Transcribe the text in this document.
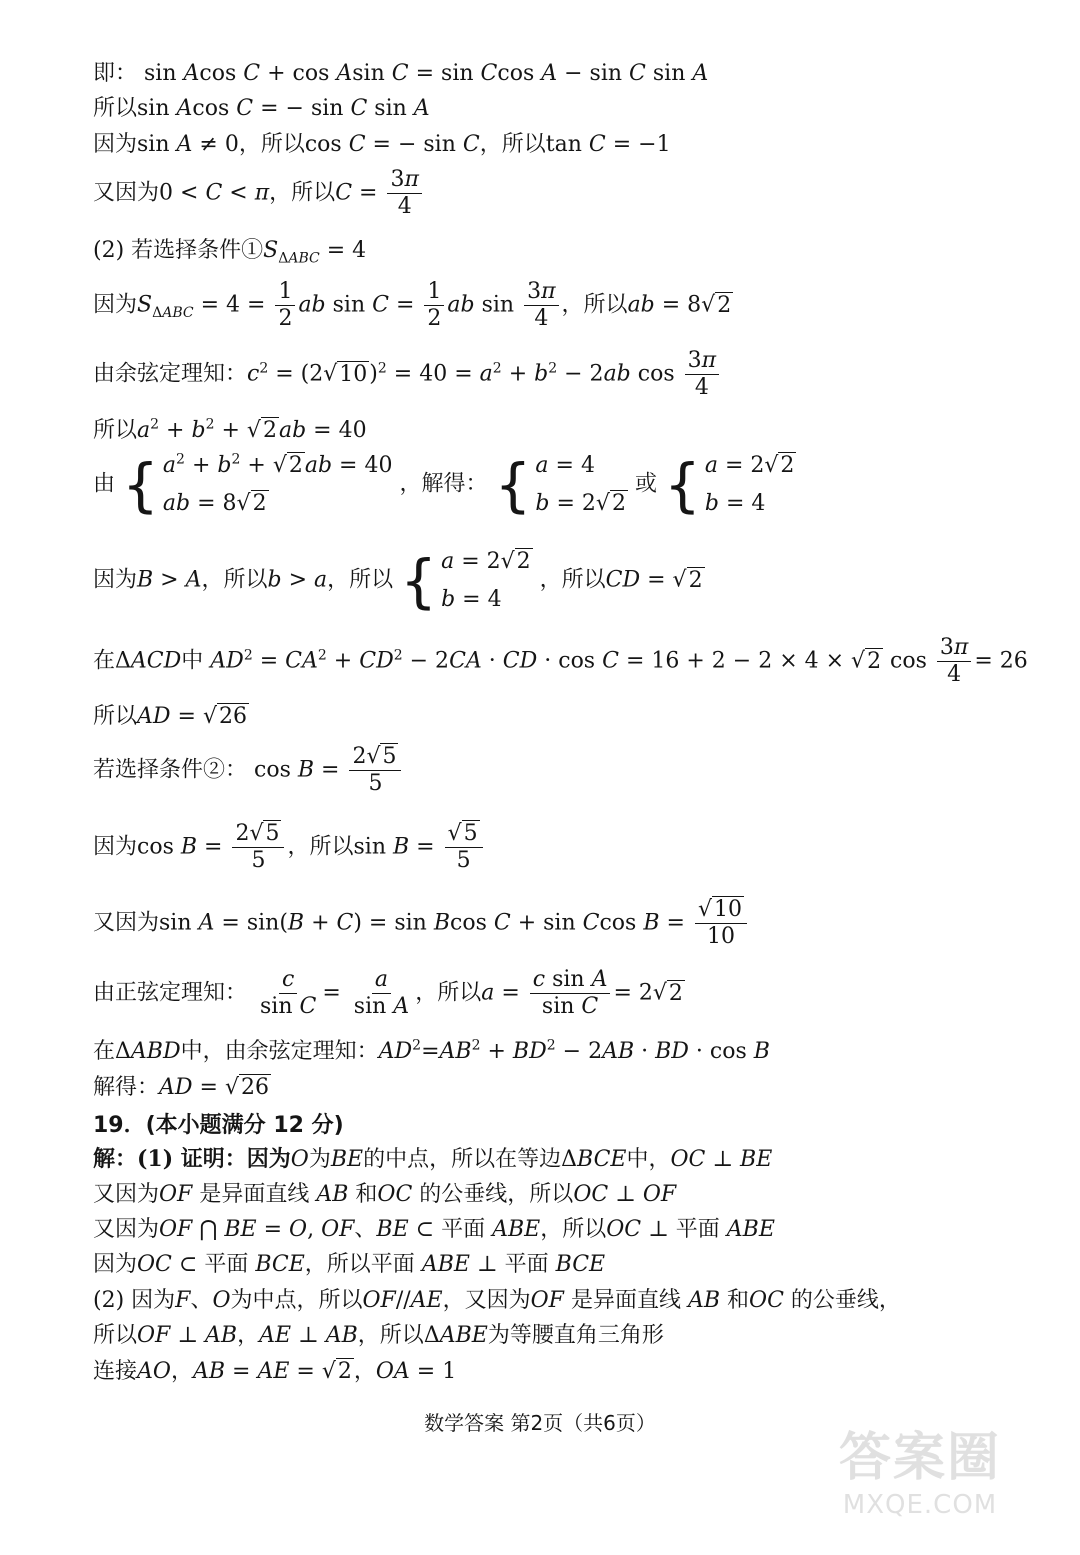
即： sin Acos C + cos Asin C = sin Ccos A − sin C sin A
所以sin Acos C = − sin C sin A
因为sin A ≠ 0，所以cos C = − sin C，所以tan C = −1
又因为0 < C < π，所以$C = \frac{3\pi}{4}$
(2) 若选择条件$①S_{\Delta ABC} = 4$
因为$S_{\Delta ABC} = 4 = \frac{1}{2}$ ab $\sin C = \frac{1}{2}$ ab $\sin \frac{3\pi}{4}$ ，所以ab = 8√2
由余弦定理知：$c^2 = (2√10)^2 = 40 = a^2 + b^2 - 2ab$ $\cos \frac{3\pi}{4}$
所以$a^2 + b^2 + √2ab = 40$
由 { $a^2 + b^2 + √2ab = 40$
ab = 8√2
，解得： { a = 4
b = 2√2
或 { a = 2√2
b = 4
因为B > A，所以b > a，所以 { a = 2√2
b = 4
，所以CD = √2
在ΔACD中 $AD^2 = CA^2 + CD^2 - 2CA$ · CD · cos C = 16 + 2 − 2 × 4 × √2 $\cos \frac{3\pi}{4} = 26$
所以AD = √26
若选择条件②： $\cos B = \frac{2√5}{5}$
因为$\cos B = \frac{2√5}{5}$ ，所以$\sin B = \frac{√5}{5}$
又因为sin A = sin(B + C) = sin Bcos C + sin Ccos $B = \frac{√10}{10}$
由正弦定理知： $\frac{c}{\text{sin C}} = \frac{a}{\text{sin A}}$ ，所以$a = \frac{\text{c sin A}}{\text{sin C}} = 2√2$
在ΔABD中，由余弦定理知：$AD^2=AB^2 + BD^2 - 2AB$ · BD · cos B
解得：AD = √26
19．(本小题满分 12 分)
解：(1) 证明：因为O为BE的中点，所以在等边ΔBCE中，OC ⊥ BE
又因为OF 是异面直线 AB 和OC 的公垂线，所以OC ⊥ OF
又因为OF ⋂ BE = O, OF、BE ⊂ 平面 ABE，所以OC ⊥ 平面 ABE
因为OC ⊂ 平面 BCE，所以平面 ABE ⊥ 平面 BCE
(2) 因为F、O为中点，所以OF//AE，又因为OF 是异面直线 AB 和OC 的公垂线，
所以OF ⊥ AB，AE ⊥ AB，所以ΔABE为等腰直角三角形
连接AO，AB = AE = √2，OA = 1
数学答案 第2页（共6页）
答案圈
MXQE.COM
